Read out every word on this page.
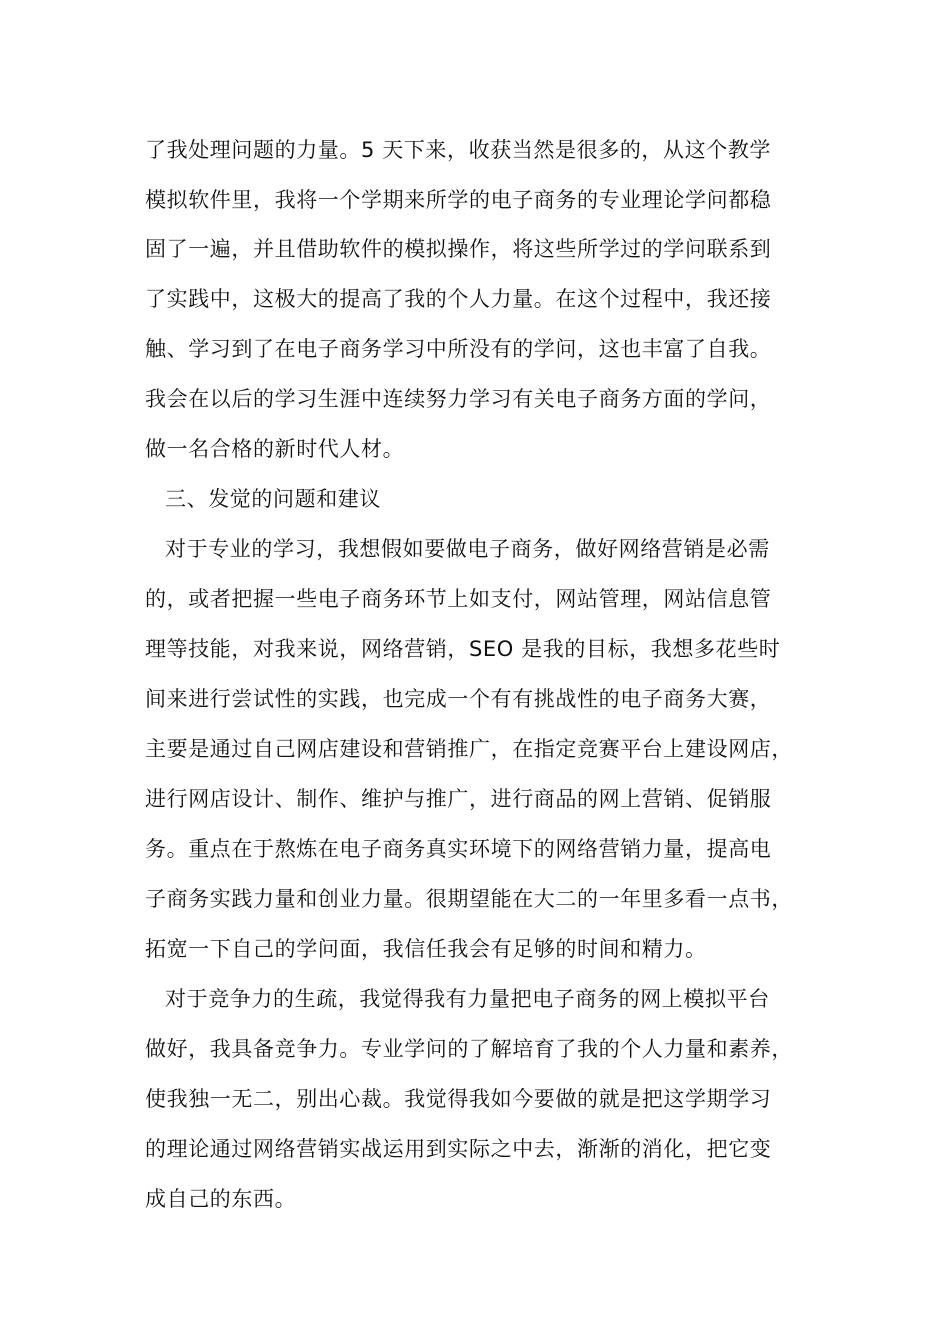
了我处理问题的力量。5 天下来，收获当然是很多的，从这个教学
模拟软件里，我将一个学期来所学的电子商务的专业理论学问都稳
固了一遍，并且借助软件的模拟操作，将这些所学过的学问联系到
了实践中，这极大的提高了我的个人力量。在这个过程中，我还接
触、学习到了在电子商务学习中所没有的学问，这也丰富了自我。
我会在以后的学习生涯中连续努力学习有关电子商务方面的学问，
做一名合格的新时代人材。
三、发觉的问题和建议
对于专业的学习，我想假如要做电子商务，做好网络营销是必需
的，或者把握一些电子商务环节上如支付，网站管理，网站信息管
理等技能，对我来说，网络营销，SEO 是我的目标，我想多花些时
间来进行尝试性的实践，也完成一个有有挑战性的电子商务大赛，
主要是通过自己网店建设和营销推广，在指定竞赛平台上建设网店，
进行网店设计、制作、维护与推广，进行商品的网上营销、促销服
务。重点在于熬炼在电子商务真实环境下的网络营销力量，提高电
子商务实践力量和创业力量。很期望能在大二的一年里多看一点书，
拓宽一下自己的学问面，我信任我会有足够的时间和精力。
对于竞争力的生疏，我觉得我有力量把电子商务的网上模拟平台
做好，我具备竞争力。专业学问的了解培育了我的个人力量和素养，
使我独一无二，别出心裁。我觉得我如今要做的就是把这学期学习
的理论通过网络营销实战运用到实际之中去，渐渐的消化，把它变
成自己的东西。
